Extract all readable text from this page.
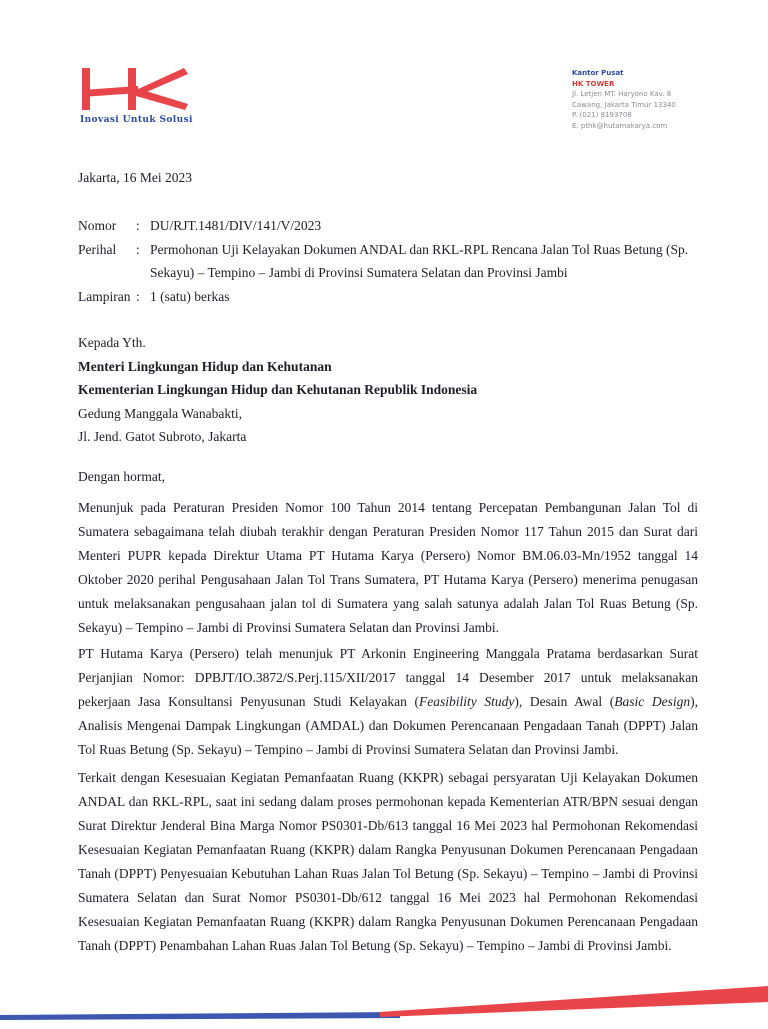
Inovasi Untuk Solusi
Kantor Pusat
HK TOWER
Jl. Letjen MT. Haryono Kav. 8
Cawang, Jakarta Timur 13340
P. (021) 8193708
E. pthk@hutamakarya.com
Jakarta, 16 Mei 2023
Nomor	: DU/RJT.1481/DIV/141/V/2023
Perihal	: Permohonan Uji Kelayakan Dokumen ANDAL dan RKL-RPL Rencana Jalan Tol Ruas Betung (Sp. Sekayu) – Tempino – Jambi di Provinsi Sumatera Selatan dan Provinsi Jambi
Lampiran : 1 (satu) berkas
Kepada Yth.
Menteri Lingkungan Hidup dan Kehutanan
Kementerian Lingkungan Hidup dan Kehutanan Republik Indonesia
Gedung Manggala Wanabakti,
Jl. Jend. Gatot Subroto, Jakarta
Dengan hormat,
Menunjuk pada Peraturan Presiden Nomor 100 Tahun 2014 tentang Percepatan Pembangunan Jalan Tol di Sumatera sebagaimana telah diubah terakhir dengan Peraturan Presiden Nomor 117 Tahun 2015 dan Surat dari Menteri PUPR kepada Direktur Utama PT Hutama Karya (Persero) Nomor BM.06.03-Mn/1952 tanggal 14 Oktober 2020 perihal Pengusahaan Jalan Tol Trans Sumatera, PT Hutama Karya (Persero) menerima penugasan untuk melaksanakan pengusahaan jalan tol di Sumatera yang salah satunya adalah Jalan Tol Ruas Betung (Sp. Sekayu) – Tempino – Jambi di Provinsi Sumatera Selatan dan Provinsi Jambi.
PT Hutama Karya (Persero) telah menunjuk PT Arkonin Engineering Manggala Pratama berdasarkan Surat Perjanjian Nomor: DPBJT/IO.3872/S.Perj.115/XII/2017 tanggal 14 Desember 2017 untuk melaksanakan pekerjaan Jasa Konsultansi Penyusunan Studi Kelayakan (Feasibility Study), Desain Awal (Basic Design), Analisis Mengenai Dampak Lingkungan (AMDAL) dan Dokumen Perencanaan Pengadaan Tanah (DPPT) Jalan Tol Ruas Betung (Sp. Sekayu) – Tempino – Jambi di Provinsi Sumatera Selatan dan Provinsi Jambi.
Terkait dengan Kesesuaian Kegiatan Pemanfaatan Ruang (KKPR) sebagai persyaratan Uji Kelayakan Dokumen ANDAL dan RKL-RPL, saat ini sedang dalam proses permohonan kepada Kementerian ATR/BPN sesuai dengan Surat Direktur Jenderal Bina Marga Nomor PS0301-Db/613 tanggal 16 Mei 2023 hal Permohonan Rekomendasi Kesesuaian Kegiatan Pemanfaatan Ruang (KKPR) dalam Rangka Penyusunan Dokumen Perencanaan Pengadaan Tanah (DPPT) Penyesuaian Kebutuhan Lahan Ruas Jalan Tol Betung (Sp. Sekayu) – Tempino – Jambi di Provinsi Sumatera Selatan dan Surat Nomor PS0301-Db/612 tanggal 16 Mei 2023 hal Permohonan Rekomendasi Kesesuaian Kegiatan Pemanfaatan Ruang (KKPR) dalam Rangka Penyusunan Dokumen Perencanaan Pengadaan Tanah (DPPT) Penambahan Lahan Ruas Jalan Tol Betung (Sp. Sekayu) – Tempino – Jambi di Provinsi Jambi.
